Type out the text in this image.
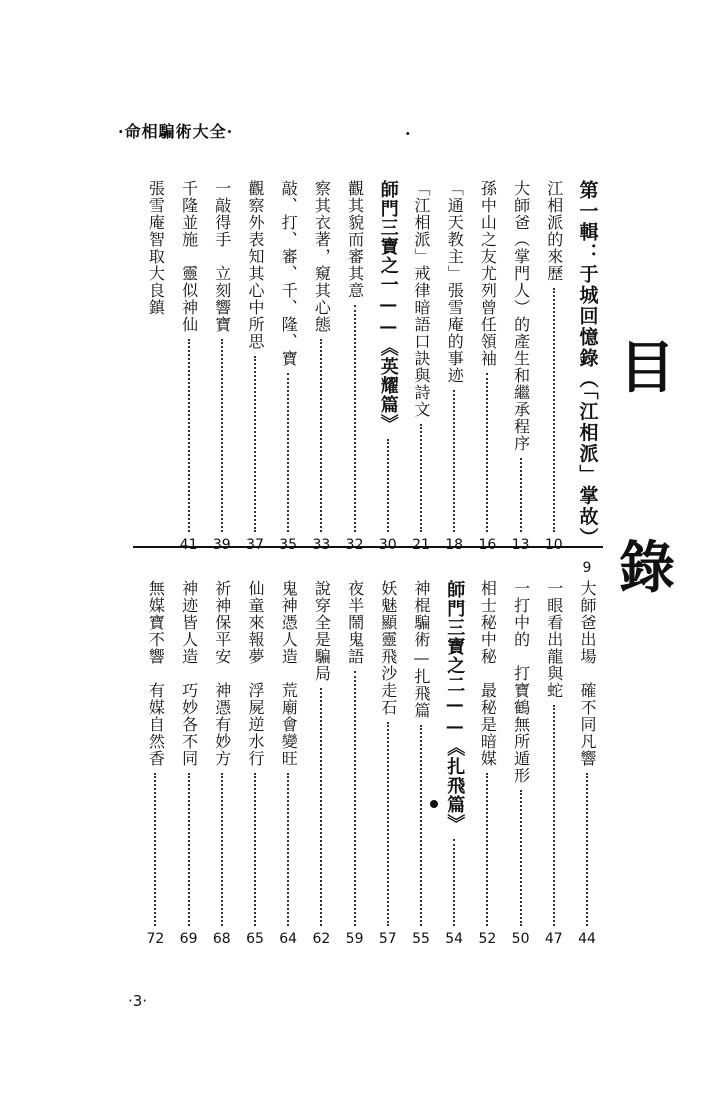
·命相騙術大全·	·
目
錄
第一輯：于城回憶錄（「江相派」掌故）
9
江相派的來歷
10
大師爸（掌門人）的產生和繼承程序
13
孫中山之友尤列曾任領袖
16
「通天教主」張雪庵的事迹
18
「江相派」戒律暗語口訣與詩文
21
師門三寶之一——《英耀篇》
30
觀其貌而審其意
32
察其衣著，窺其心態
33
敲、打、審、千、隆、寶
35
觀察外表知其心中所思
37
一敲得手　立刻響寶
39
千隆並施　靈似神仙
41
張雪庵智取大良鎮
大師爸出場　確不同凡響
44
一眼看出龍與蛇
47
一打中的　打寶鶴無所遁形
50
相士秘中秘　最秘是暗媒
52
師門三寶之二——《扎飛篇》
54
神棍騙術—扎飛篇
55
妖魅顯靈飛沙走石
57
夜半鬧鬼語
59
說穿全是騙局
62
鬼神憑人造　荒廟會變旺
64
仙童來報夢　浮屍逆水行
65
祈神保平安　神憑有妙方
68
神迹皆人造　巧妙各不同
69
無媒寶不響　有媒自然香
72
·3·
